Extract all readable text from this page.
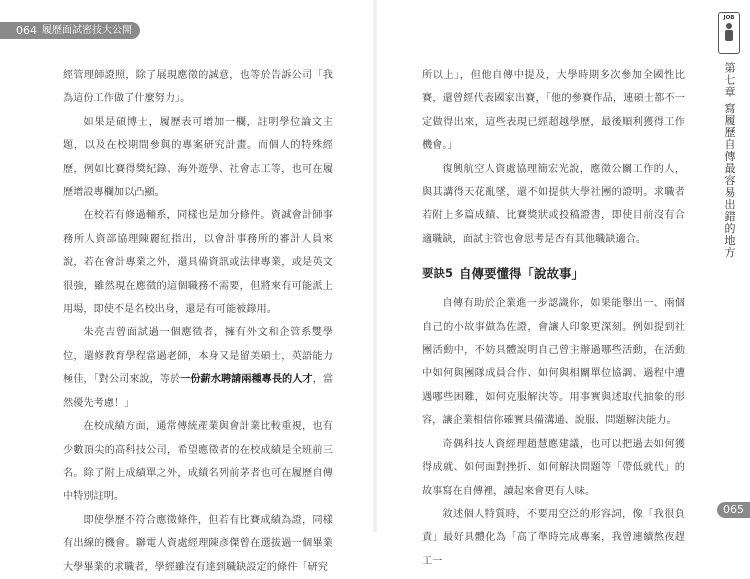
064 履歷面試密技大公開

經管理師證照，除了展現應徵的誠意，也等於告訴公司「我為這份工作做了什麼努力」。

如果是碩博士，履歷表可增加一欄，註明學位論文主題，以及在校期間參與的專案研究計畫。而個人的特殊經歷，例如比賽得獎紀錄、海外遊學、社會志工等，也可在履歷增設專欄加以凸顯。

在校若有修過輔系，同樣也是加分條件。資誠會計師事務所人資部協理陳麗紅指出，以會計事務所的審計人員來說，若在會計專業之外，還具備資訊或法律專業，或是英文很強，雖然現在應徵的這個職務不需要，但將來有可能派上用場，即使不是名校出身，還是有可能被錄用。

朱亮吉曾面試過一個應徵者，擁有外文和企管系雙學位，還修教育學程當過老師，本身又是留美碩士，英語能力極佳，「對公司來說，等於一份薪水聘請兩種專長的人才，當然優先考慮！」

在校成績方面，通常傳統產業與會計業比較重視，也有少數頂尖的高科技公司，希望應徵者的在校成績是全班前三名。除了附上成績單之外，成績名列前茅者也可在履歷自傳中特別註明。

即使學歷不符合應徵條件，但若有比賽成績為證，同樣有出線的機會。聯電人資處經理陳彥傑曾在選拔過一個畢業大學畢業的求職者，學經雖沒有達到職缺設定的條件「研究

JOB
第七章 寫履歷自傳最容易出錯的地方

所以上」，但他自傳中提及，大學時期多次參加全國性比賽，還曾經代表國家出賽，「他的參賽作品，連碩士都不一定做得出來，這些表現已經超越學歷，最後順利獲得工作機會。」

復興航空人資處協理簡宏光說，應徵公關工作的人，與其講得天花亂墜，還不如提供大學社團的證明。求職者若附上多篇成績、比賽獎狀或投稿證書，即使目前沒有合適職缺，面試主管也會思考是否有其他職缺適合。

要訣5 自傳要懂得「說故事」

自傳有助於企業進一步認識你，如果能舉出一、兩個自己的小故事做為佐證，會讓人印象更深刻。例如提到社團活動中，不妨具體說明自己曾主辦過哪些活動，在活動中如何與團隊成員合作、如何與相關單位協調、過程中遭遇哪些困難，如何克服解決等。用事實與述取代抽象的形容，讓企業相信你確實具備溝通、說服、問題解決能力。

奇偶科技人資經理趙慧應建議，也可以把過去如何獲得成就、如何面對挫折、如何解決問題等「帶低就代」的故事寫在自傳裡，讀起來會更有人味。

敘述個人特質時，不要用空泛的形容詞，像「我很負責」最好具體化為「高了準時完成專案，我曾連續熬夜趕工一

065
